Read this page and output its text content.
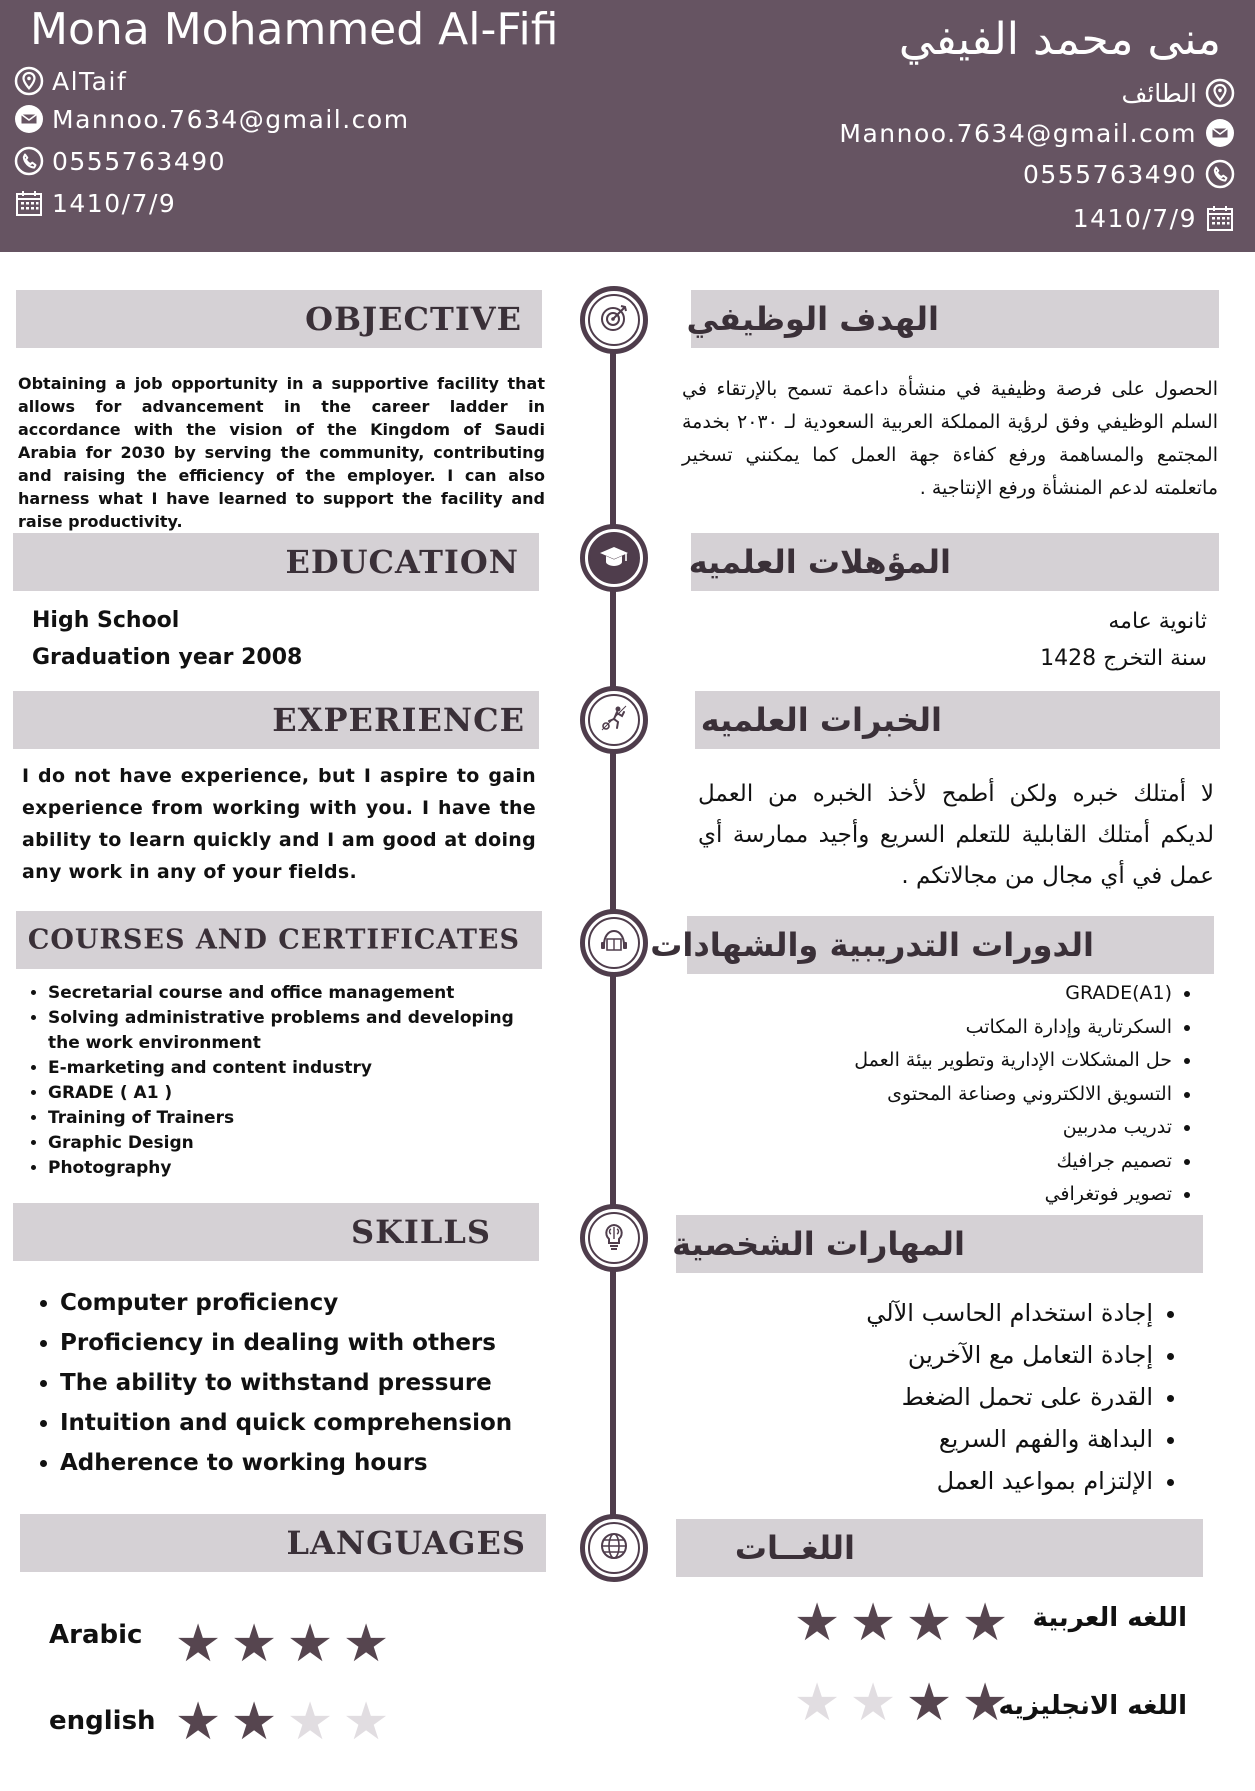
Mona Mohammed Al-Fifi	منى محمد الفيفي
AlTaif
Mannoo.7634@gmail.com
0555763490
1410/7/9
الطائف
Mannoo.7634@gmail.com
0555763490
1410/7/9
OBJECTIVE	الهدف الوظيفي
Obtaining a job opportunity in a supportive facility that allows for advancement in the career ladder in accordance with the vision of the Kingdom of Saudi Arabia for 2030 by serving the community, contributing and raising the efficiency of the employer. I can also harness what I have learned to support the facility and raise productivity.
الحصول على فرصة وظيفية في منشأة داعمة تسمح بالإرتقاء في السلم الوظيفي وفق لرؤية المملكة العربية السعودية لـ ٢٠٣٠ بخدمة المجتمع والمساهمة ورفع كفاءة جهة العمل كما يمكنني تسخير ماتعلمته لدعم المنشأة ورفع الإنتاجية .
EDUCATION	المؤهلات العلميه
High School
Graduation year 2008
ثانوية عامه
سنة التخرج 1428
EXPERIENCE	الخبرات العلميه
I do not have experience, but I aspire to gain experience from working with you. I have the ability to learn quickly and I am good at doing any work in any of your fields.
لا أمتلك خبره ولكن أطمح لأخذ الخبره من العمل لديكم أمتلك القابلية للتعلم السريع وأجيد ممارسة أي عمل في أي مجال من مجالاتكم .
COURSES AND CERTIFICATES	الدورات التدريبية والشهادات
• Secretarial course and office management
• Solving administrative problems and developing the work environment
• E-marketing and content industry
• GRADE ( A1 )
• Training of Trainers
• Graphic Design
• Photography
• (GRADE(A1
• السكرتارية وإدارة المكاتب
• حل المشكلات الإدارية وتطوير بيئة العمل
• التسويق الالكتروني وصناعة المحتوى
• تدريب مدربين
• تصميم جرافيك
• تصوير فوتغرافي
SKILLS	المهارات الشخصية
• Computer proficiency
• Proficiency in dealing with others
• The ability to withstand pressure
• Intuition and quick comprehension
• Adherence to working hours
• إجادة استخدام الحاسب الآلي
• إجادة التعامل مع الآخرين
• القدرة على تحمل الضغط
• البداهة والفهم السريع
• الإلتزام بمواعيد العمل
LANGUAGES	اللغــات
Arabic ★ ★ ★ ★
english ★ ★ ★ ★
اللغه العربية
★
★
★
★
اللغه الانجليزيه
★
★
★
★
